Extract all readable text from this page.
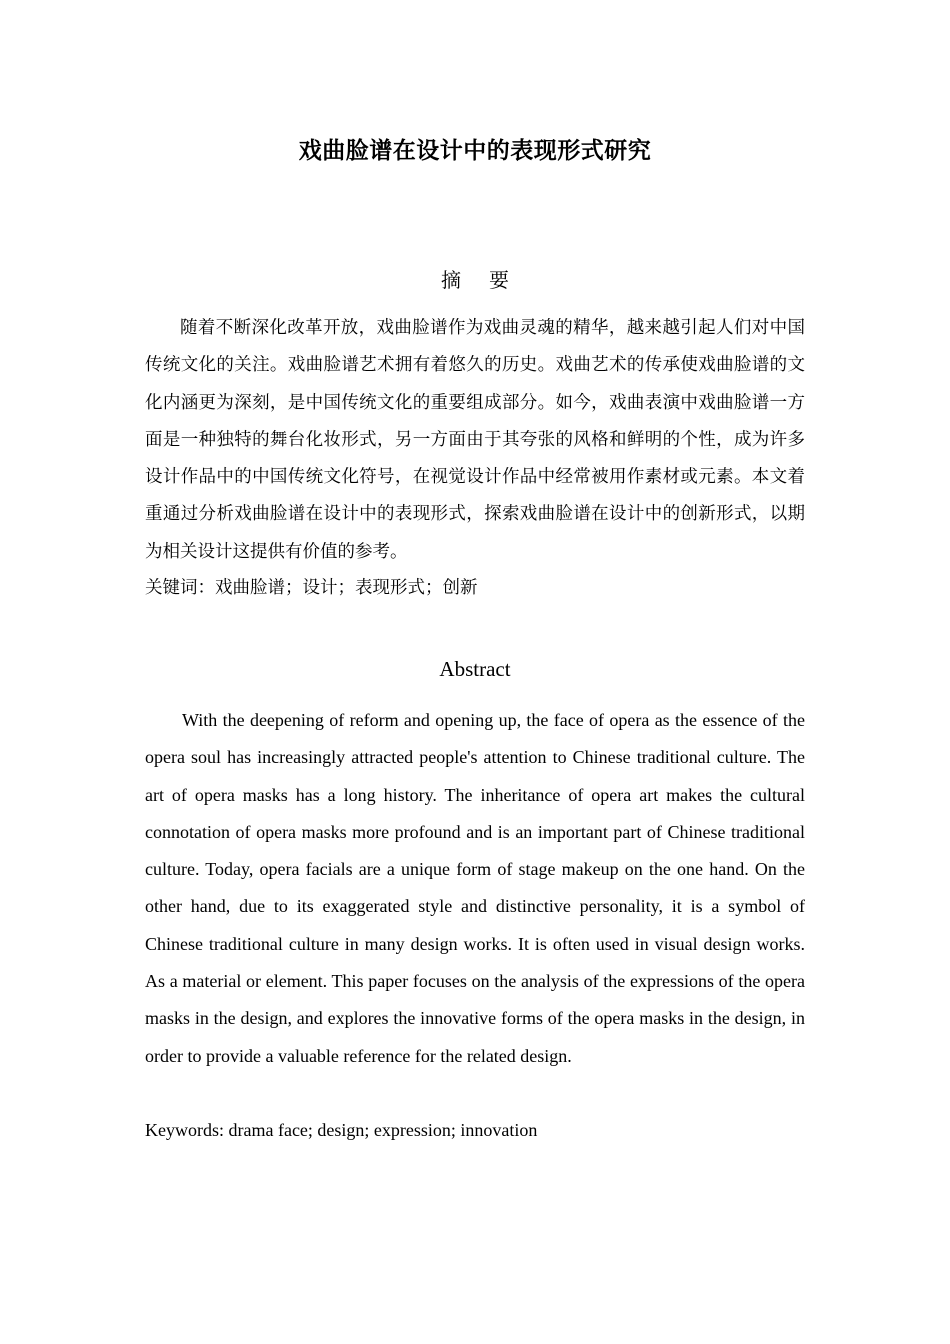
戏曲脸谱在设计中的表现形式研究
摘要

随着不断深化改革开放，戏曲脸谱作为戏曲灵魂的精华，越来越引起人们对中国传统文化的关注。戏曲脸谱艺术拥有着悠久的历史。戏曲艺术的传承使戏曲脸谱的文化内涵更为深刻，是中国传统文化的重要组成部分。如今，戏曲表演中戏曲脸谱一方面是一种独特的舞台化妆形式，另一方面由于其夸张的风格和鲜明的个性，成为许多设计作品中的中国传统文化符号，在视觉设计作品中经常被用作素材或元素。本文着重通过分析戏曲脸谱在设计中的表现形式，探索戏曲脸谱在设计中的创新形式，以期为相关设计这提供有价值的参考。

关键词：戏曲脸谱；设计；表现形式；创新

Abstract

With the deepening of reform and opening up, the face of opera as the essence of the opera soul has increasingly attracted people's attention to Chinese traditional culture. The art of opera masks has a long history. The inheritance of opera art makes the cultural connotation of opera masks more profound and is an important part of Chinese traditional culture. Today, opera facials are a unique form of stage makeup on the one hand. On the other hand, due to its exaggerated style and distinctive personality, it is a symbol of Chinese traditional culture in many design works. It is often used in visual design works. As a material or element. This paper focuses on the analysis of the expressions of the opera masks in the design, and explores the innovative forms of the opera masks in the design, in order to provide a valuable reference for the related design.

Keywords: drama face; design; expression; innovation
